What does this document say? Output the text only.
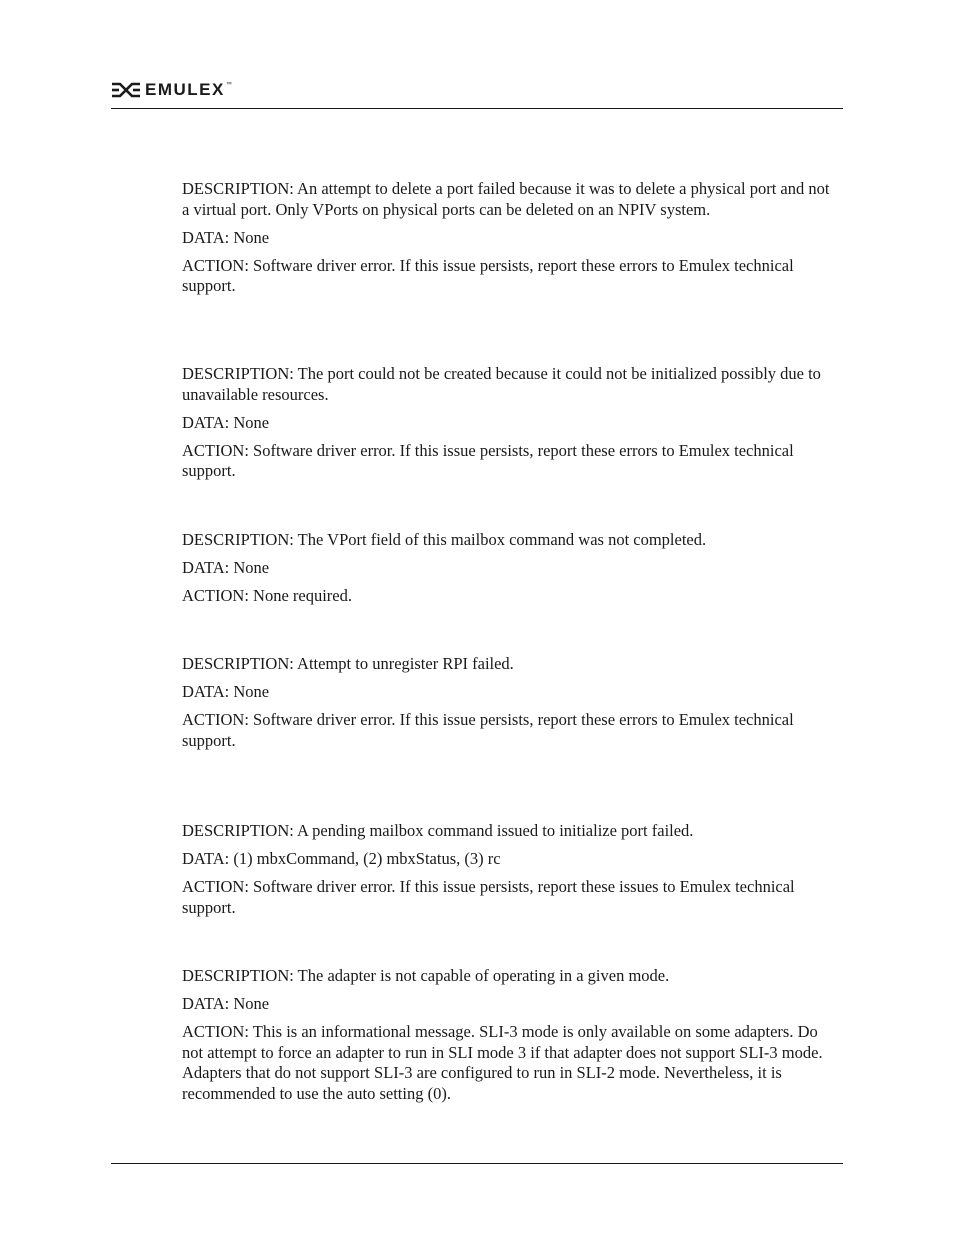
EMULEX ™

DESCRIPTION: An attempt to delete a port failed because it was to delete a physical port and not a virtual port. Only VPorts on physical ports can be deleted on an NPIV system.

DATA: None

ACTION: Software driver error. If this issue persists, report these errors to Emulex technical support.

DESCRIPTION: The port could not be created because it could not be initialized possibly due to unavailable resources.

DATA: None

ACTION: Software driver error. If this issue persists, report these errors to Emulex technical support.

DESCRIPTION: The VPort field of this mailbox command was not completed.

DATA: None

ACTION: None required.

DESCRIPTION: Attempt to unregister RPI failed.

DATA: None

ACTION: Software driver error. If this issue persists, report these errors to Emulex technical support.

DESCRIPTION: A pending mailbox command issued to initialize port failed.

DATA: (1) mbxCommand, (2) mbxStatus, (3) rc

ACTION: Software driver error. If this issue persists, report these issues to Emulex technical support.

DESCRIPTION: The adapter is not capable of operating in a given mode.

DATA: None

ACTION: This is an informational message. SLI-3 mode is only available on some adapters. Do not attempt to force an adapter to run in SLI mode 3 if that adapter does not support SLI-3 mode. Adapters that do not support SLI-3 are configured to run in SLI-2 mode. Nevertheless, it is recommended to use the auto setting (0).
